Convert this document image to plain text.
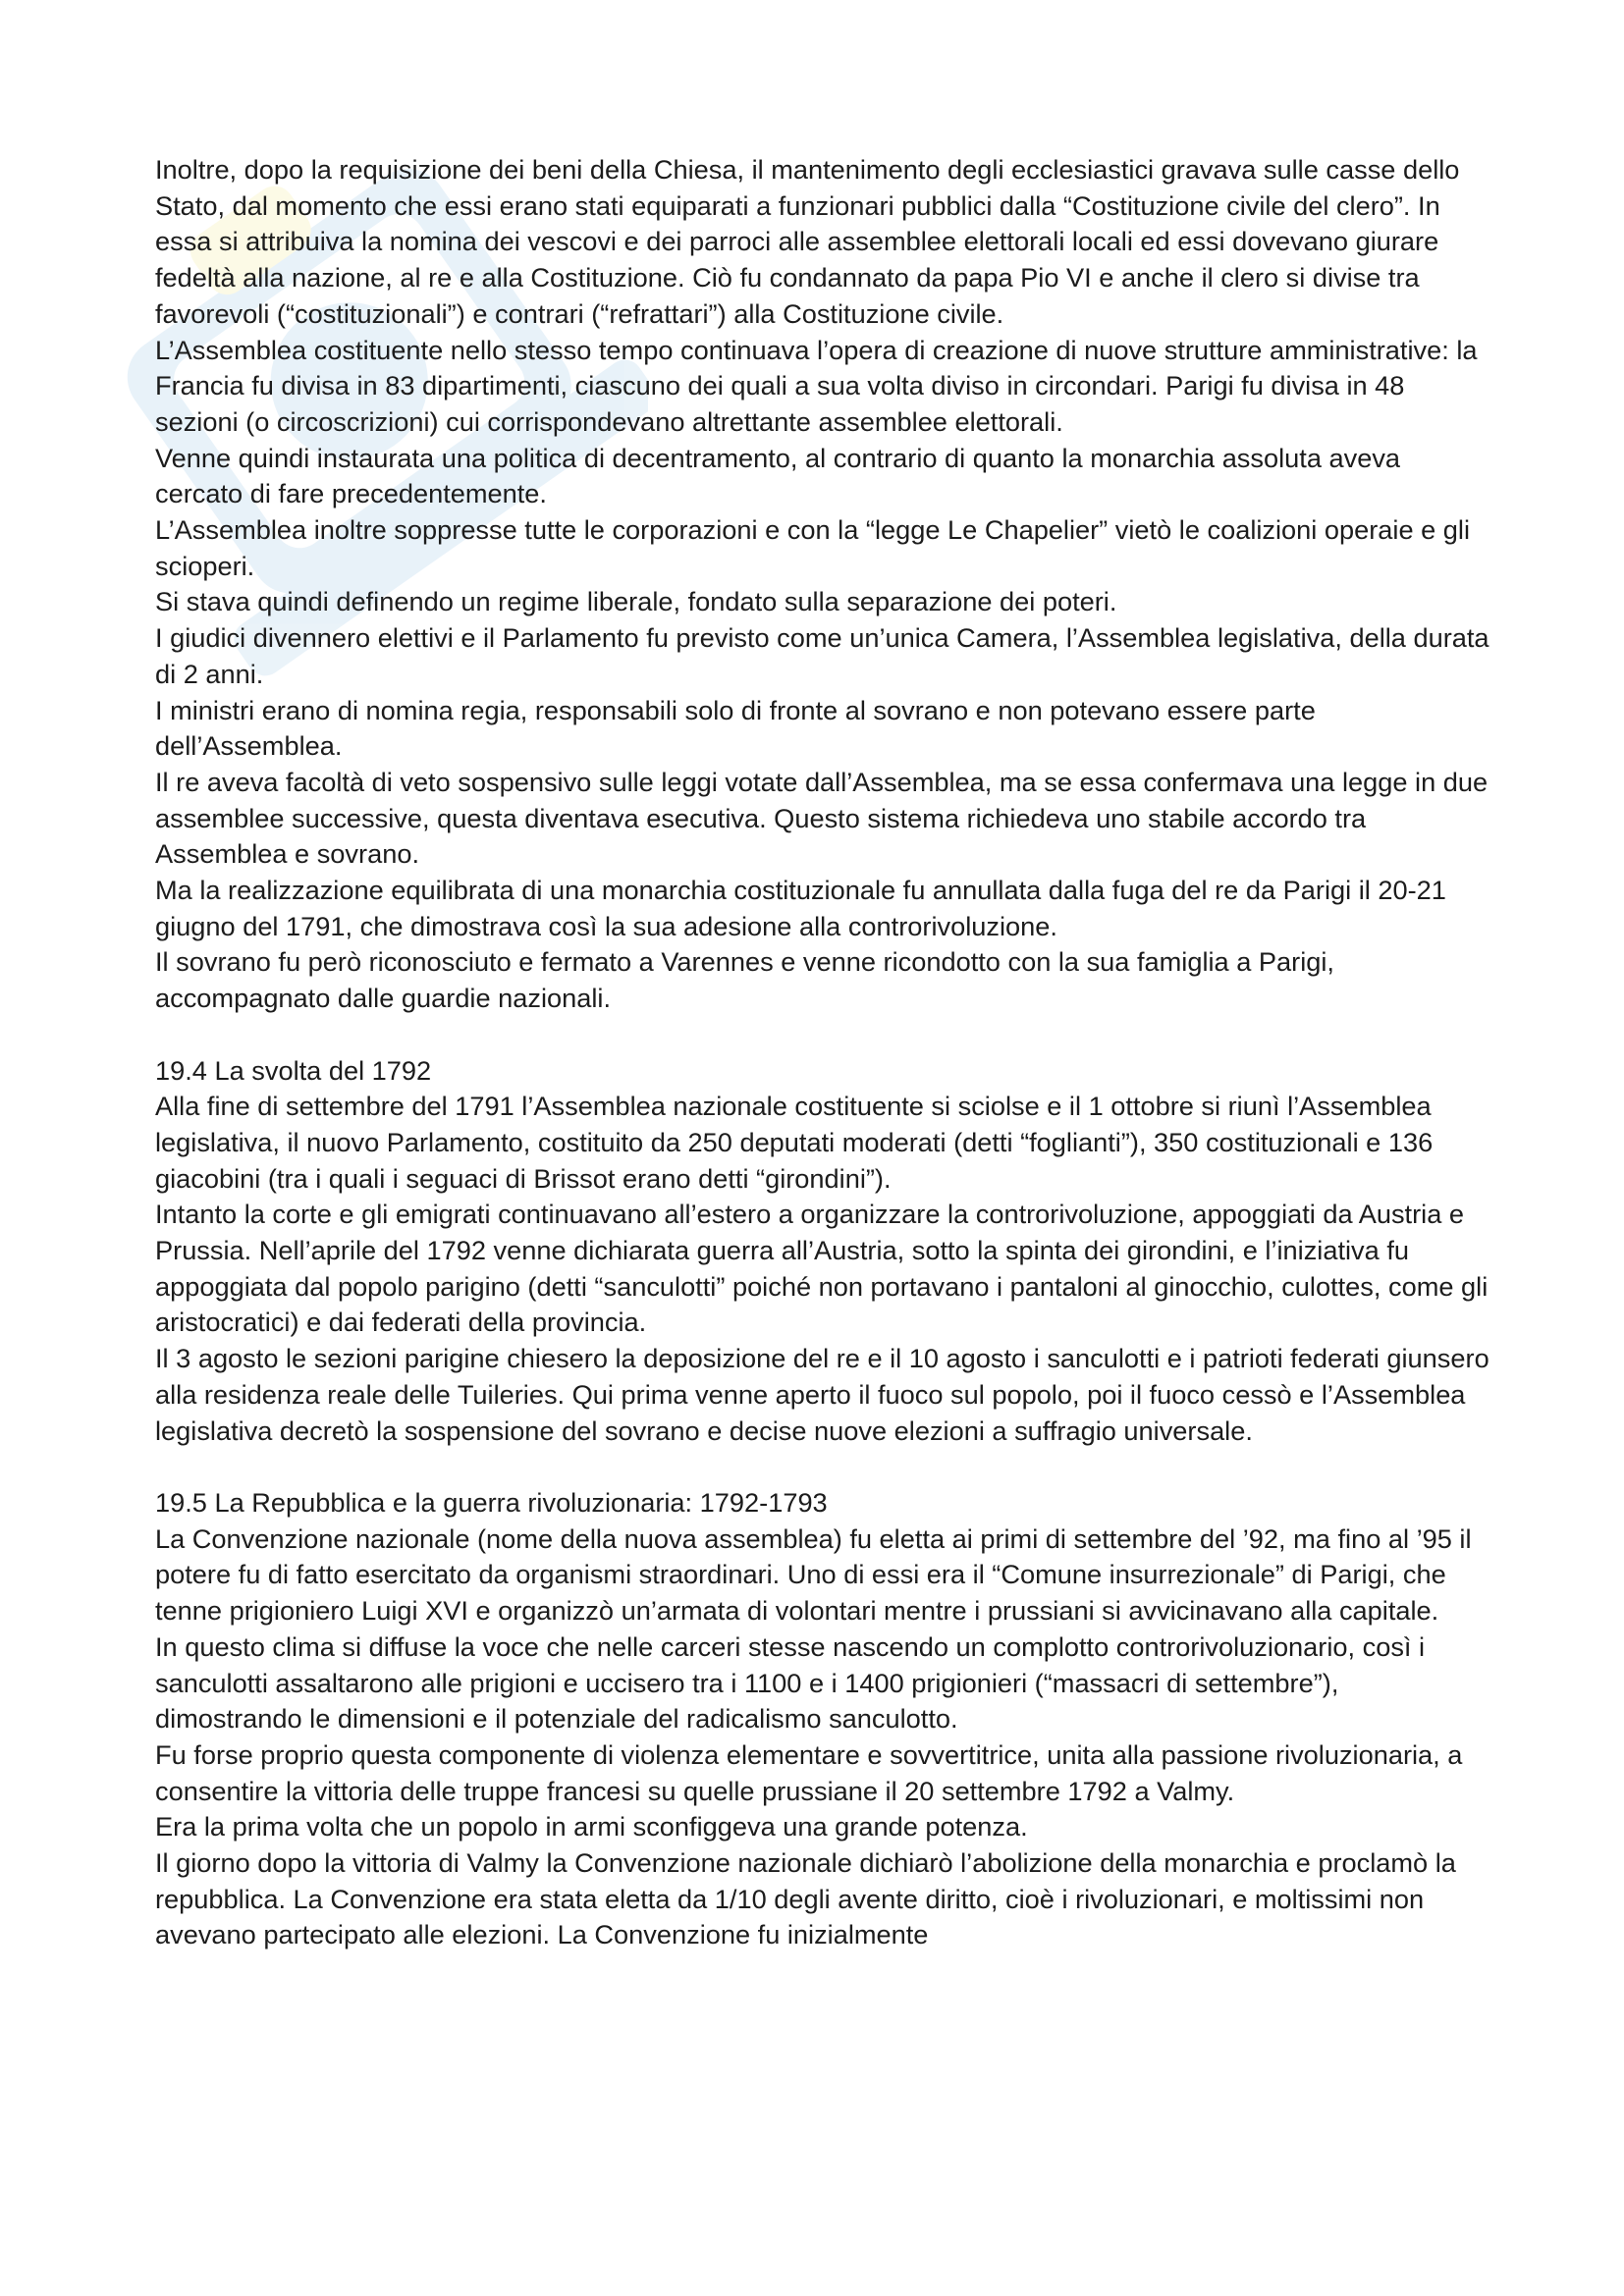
Inoltre, dopo la requisizione dei beni della Chiesa, il mantenimento degli ecclesiastici gravava sulle casse dello Stato, dal momento che essi erano stati equiparati a funzionari pubblici dalla “Costituzione civile del clero”. In essa si attribuiva la nomina dei vescovi e dei parroci alle assemblee elettorali locali ed essi dovevano giurare fedeltà alla nazione, al re e alla Costituzione. Ciò fu condannato da papa Pio VI e anche il clero si divise tra favorevoli (“costituzionali”) e contrari (“refrattari”) alla Costituzione civile.

L’Assemblea costituente nello stesso tempo continuava l’opera di creazione di nuove strutture amministrative: la Francia fu divisa in 83 dipartimenti, ciascuno dei quali a sua volta diviso in circondari. Parigi fu divisa in 48 sezioni (o circoscrizioni) cui corrispondevano altrettante assemblee elettorali.

Venne quindi instaurata una politica di decentramento, al contrario di quanto la monarchia assoluta aveva cercato di fare precedentemente.

L’Assemblea inoltre soppresse tutte le corporazioni e con la “legge Le Chapelier” vietò le coalizioni operaie e gli scioperi.

Si stava quindi definendo un regime liberale, fondato sulla separazione dei poteri.

I giudici divennero elettivi e il Parlamento fu previsto come un’unica Camera, l’Assemblea legislativa, della durata di 2 anni.

I ministri erano di nomina regia, responsabili solo di fronte al sovrano e non potevano essere parte dell’Assemblea.

Il re aveva facoltà di veto sospensivo sulle leggi votate dall’Assemblea, ma se essa confermava una legge in due assemblee successive, questa diventava esecutiva. Questo sistema richiedeva uno stabile accordo tra Assemblea e sovrano.

Ma la realizzazione equilibrata di una monarchia costituzionale fu annullata dalla fuga del re da Parigi il 20-21 giugno del 1791, che dimostrava così la sua adesione alla controrivoluzione.

Il sovrano fu però riconosciuto e fermato a Varennes e venne ricondotto con la sua famiglia a Parigi, accompagnato dalle guardie nazionali.

19.4 La svolta del 1792

Alla fine di settembre del 1791 l’Assemblea nazionale costituente si sciolse e il 1 ottobre si riunì l’Assemblea legislativa, il nuovo Parlamento, costituito da 250 deputati moderati (detti “foglianti”), 350 costituzionali e 136 giacobini (tra i quali i seguaci di Brissot erano detti “girondini”).

Intanto la corte e gli emigrati continuavano all’estero a organizzare la controrivoluzione, appoggiati da Austria e Prussia. Nell’aprile del 1792 venne dichiarata guerra all’Austria, sotto la spinta dei girondini, e l’iniziativa fu appoggiata dal popolo parigino (detti “sanculotti” poiché non portavano i pantaloni al ginocchio, culottes, come gli aristocratici) e dai federati della provincia.

Il 3 agosto le sezioni parigine chiesero la deposizione del re e il 10 agosto i sanculotti e i patrioti federati giunsero alla residenza reale delle Tuileries. Qui prima venne aperto il fuoco sul popolo, poi il fuoco cessò e l’Assemblea legislativa decretò la sospensione del sovrano e decise nuove elezioni a suffragio universale.

19.5 La Repubblica e la guerra rivoluzionaria: 1792-1793

La Convenzione nazionale (nome della nuova assemblea) fu eletta ai primi di settembre del ’92, ma fino al ’95 il potere fu di fatto esercitato da organismi straordinari. Uno di essi era il “Comune insurrezionale” di Parigi, che tenne prigioniero Luigi XVI e organizzò un’armata di volontari mentre i prussiani si avvicinavano alla capitale.

In questo clima si diffuse la voce che nelle carceri stesse nascendo un complotto controrivoluzionario, così i sanculotti assaltarono alle prigioni e uccisero tra i 1100 e i 1400 prigionieri (“massacri di settembre”), dimostrando le dimensioni e il potenziale del radicalismo sanculotto.

Fu forse proprio questa componente di violenza elementare e sovvertitrice, unita alla passione rivoluzionaria, a consentire la vittoria delle truppe francesi su quelle prussiane il 20 settembre 1792 a Valmy.

Era la prima volta che un popolo in armi sconfiggeva una grande potenza.

Il giorno dopo la vittoria di Valmy la Convenzione nazionale dichiarò l’abolizione della monarchia e proclamò la repubblica. La Convenzione era stata eletta da 1/10 degli avente diritto, cioè i rivoluzionari, e moltissimi non avevano partecipato alle elezioni. La Convenzione fu inizialmente
